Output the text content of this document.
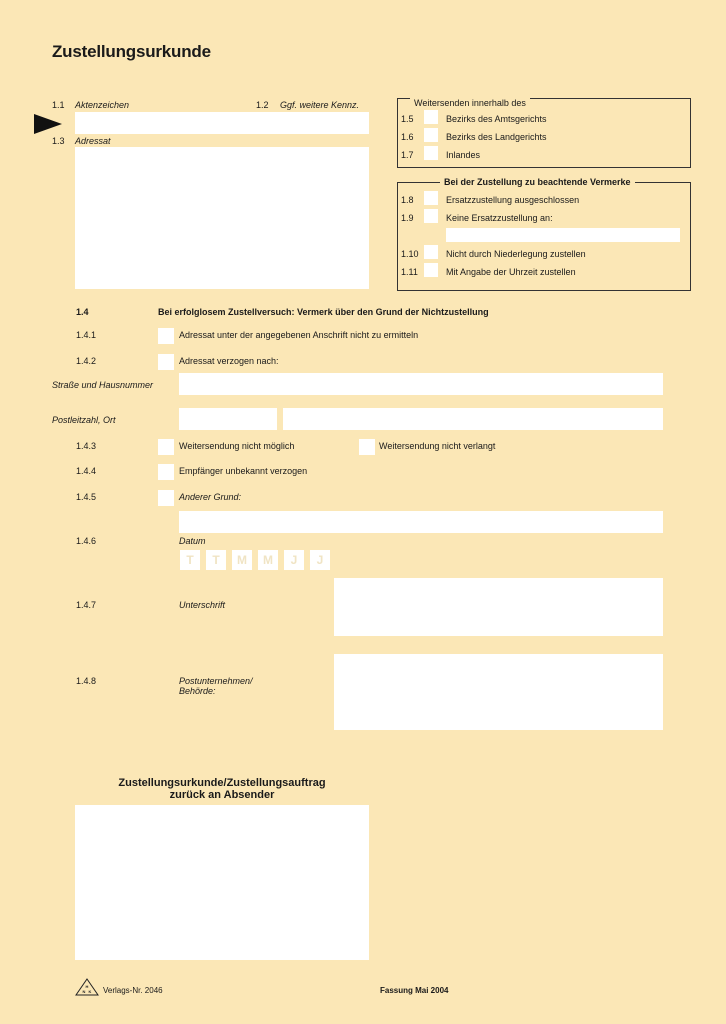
Zustellungsurkunde
1.1 Aktenzeichen	1.2 Ggf. weitere Kennz.
1.3 Adressat
Weitersenden innerhalb des
1.5	Bezirks des Amtsgerichts
1.6	Bezirks des Landgerichts
1.7	Inlandes
Bei der Zustellung zu beachtende Vermerke
1.8	Ersatzzustellung ausgeschlossen
1.9	Keine Ersatzzustellung an:
1.10	Nicht durch Niederlegung zustellen
1.11	Mit Angabe der Uhrzeit zustellen
1.4	Bei erfolglosem Zustellversuch: Vermerk über den Grund der Nichtzustellung
1.4.1	Adressat unter der angegebenen Anschrift nicht zu ermitteln
1.4.2	Adressat verzogen nach:
Straße und Hausnummer
Postleitzahl, Ort
1.4.3	Weitersendung nicht möglich	Weitersendung nicht verlangt
1.4.4	Empfänger unbekannt verzogen
1.4.5	Anderer Grund:
1.4.6	Datum
T	T	M	M	J	J
1.4.7	Unterschrift
1.4.8	Postunternehmen/
Behörde:
Zustellungsurkunde/Zustellungsauftrag
zurück an Absender
H
N K Verlags-Nr. 2046	Fassung Mai 2004
